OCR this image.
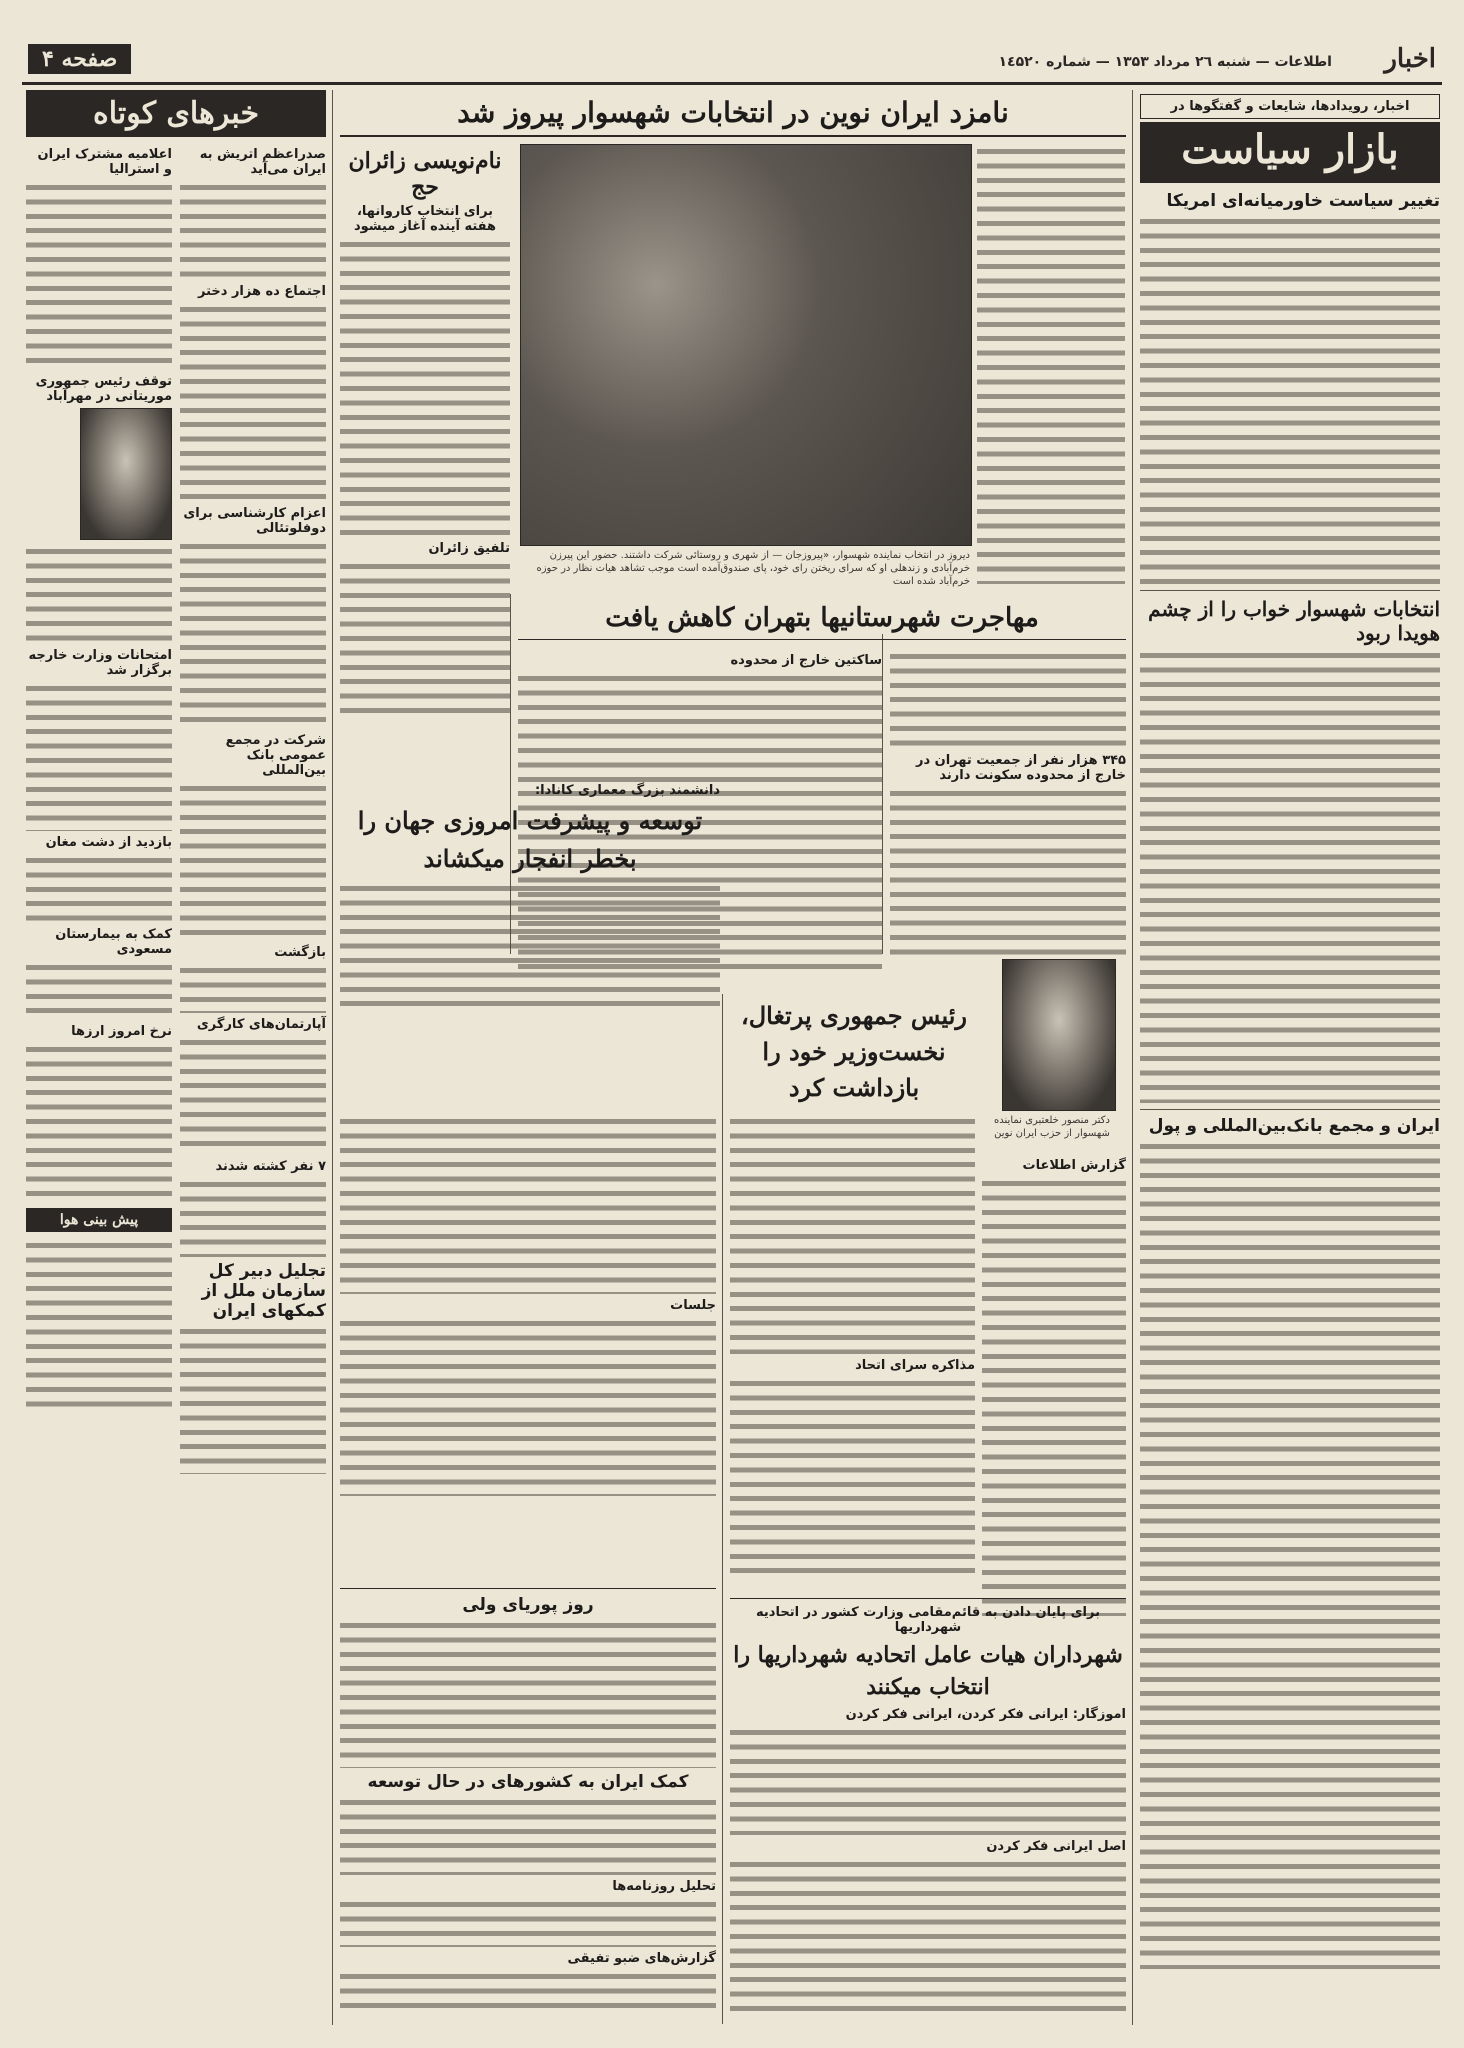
اخبار
اطلاعات — شنبه ۲٦ مرداد ۱۳۵۳ — شماره ۱٤۵۲۰
صفحه ۴
اخبار، رویدادها، شایعات و گفتگوها در
بازار سیاست
تغییر سیاست خاورمیانه‌ای امریکا
انتخابات شهسوار خواب را از چشم هویدا ربود
ایران و مجمع بانک‌بین‌المللی و پول
نامزد ایران نوین در انتخابات شهسوار پیروز شد
دیروز در انتخاب نماینده شهسوار، «پیروزجان — از شهری و روستائی شرکت داشتند. حضور این پیرزن خرم‌آبادی و زندهلی او که سرای ریختن رای خود، پای صندوق‌آمده است موجب تشاهد هیات نظار در حوزه خرم‌آباد شده است
نام‌نویسی زائران حج
برای انتخاب کاروانها، هفته آینده آغاز میشود
تلفیق زائران
مهاجرت شهرستانیها بتهران کاهش یافت
۳۴۵ هزار نفر از جمعیت تهران در خارج از محدوده سکونت دارند
ساکتین خارج از محدوده
دانشمند بزرگ معماری کانادا:
توسعه و پیشرفت امروزی جهان را بخطر انفجار میکشاند
دکتر منصور خلعتبری نماینده شهسوار از حزب ایران نوین
رئیس جمهوری پرتغال، نخست‌وزیر خود را بازداشت کرد
گزارش اطلاعات
مذاکره سرای اتحاد
جلسات
روز پوریای ولی
کمک ایران به کشورهای در حال توسعه
تحلیل روزنامه‌ها
گزارش‌های ضبو تفیقی
برای پایان دادن به قائم‌مقامی وزارت کشور در اتحادیه شهرداریها
شهرداران هیات عامل اتحادیه شهرداریها را انتخاب میکنند
اموزگار: ایرانی فکر کردن، ایرانی فکر کردن
اصل ایرانی فکر کردن
خبرهای کوتاه
اعلامیه مشترک ایران و استرالیا
توقف رئیس جمهوری موریتانی در مهرآباد
امتحانات وزارت خارجه برگزار شد
بازدید از دشت مغان
کمک به بیمارستان مسعودی
نرخ امروز ارزها
پیش بینی هوا
صدراعظم اتریش به ایران می‌آید
اجتماع ده هزار دختر
اعزام کارشناسی برای دوفلوتئالی
شرکت در مجمع عمومی بانک بین‌المللی
بازگشت
آپارتمان‌های کارگری
۷ نفر کشته شدند
تجلیل دبیر کل سازمان ملل از کمکهای ایران
